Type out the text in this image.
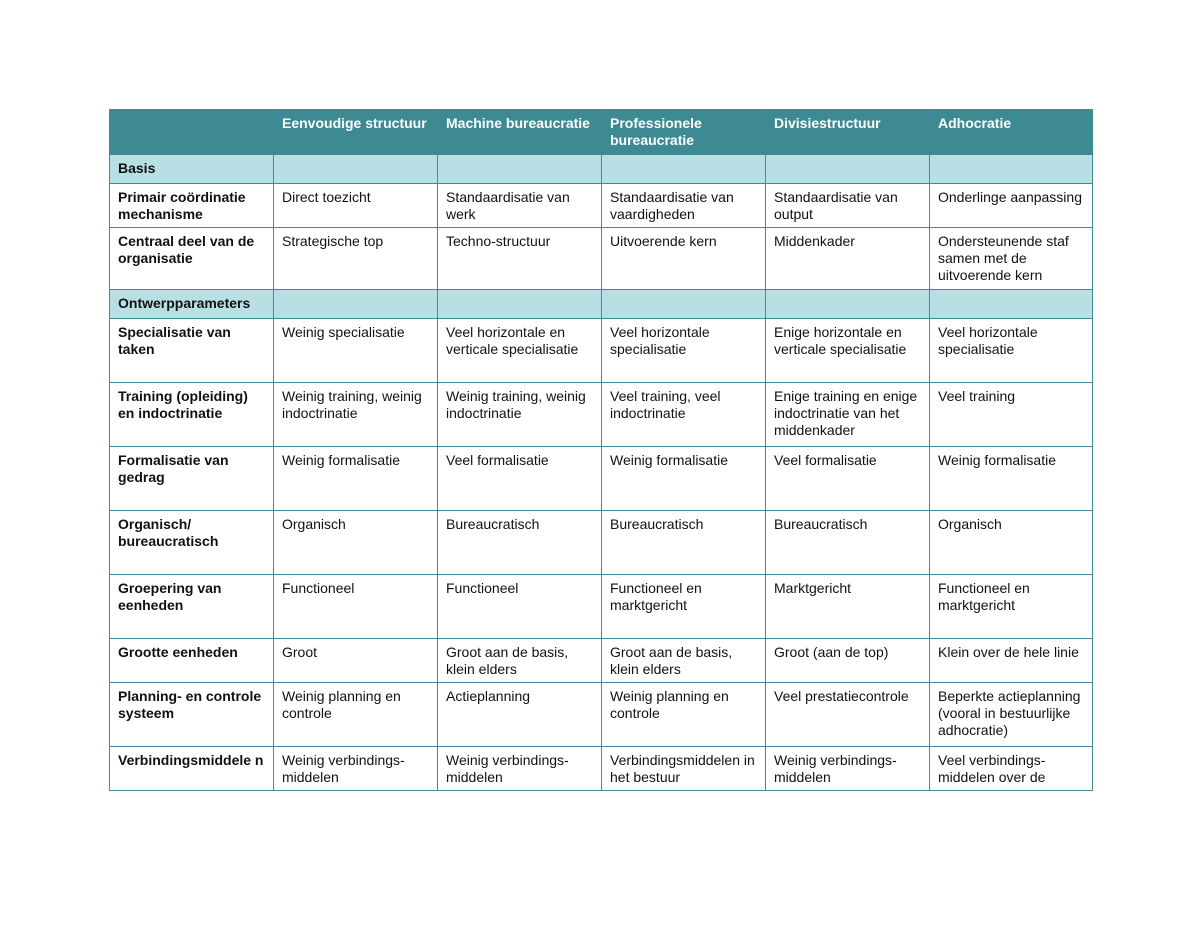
	Eenvoudige structuur	Machine bureaucratie	Professionele bureaucratie	Divisiestructuur	Adhocratie
Basis					
Primair coördinatie mechanisme	Direct toezicht	Standaardisatie van werk	Standaardisatie van vaardigheden	Standaardisatie van output	Onderlinge aanpassing
Centraal deel van de organisatie	Strategische top	Techno-structuur	Uitvoerende kern	Middenkader	Ondersteunende staf samen met de uitvoerende kern
Ontwerpparameters					
Specialisatie van taken	Weinig specialisatie	Veel horizontale en verticale specialisatie	Veel horizontale specialisatie	Enige horizontale en verticale specialisatie	Veel horizontale specialisatie
Training (opleiding) en indoctrinatie	Weinig training, weinig indoctrinatie	Weinig training, weinig indoctrinatie	Veel training, veel indoctrinatie	Enige training en enige indoctrinatie van het middenkader	Veel training
Formalisatie van gedrag	Weinig formalisatie	Veel formalisatie	Weinig formalisatie	Veel formalisatie	Weinig formalisatie
Organisch/ bureaucratisch	Organisch	Bureaucratisch	Bureaucratisch	Bureaucratisch	Organisch
Groepering van eenheden	Functioneel	Functioneel	Functioneel en marktgericht	Marktgericht	Functioneel en marktgericht
Grootte eenheden	Groot	Groot aan de basis, klein elders	Groot aan de basis, klein elders	Groot (aan de top)	Klein over de hele linie
Planning- en controle systeem	Weinig planning en controle	Actieplanning	Weinig planning en controle	Veel prestatiecontrole	Beperkte actieplanning (vooral in bestuurlijke adhocratie)
Verbindingsmiddele n	Weinig verbindings-middelen	Weinig verbindings-middelen	Verbindingsmiddelen in het bestuur	Weinig verbindings-middelen	Veel verbindings-middelen over de
